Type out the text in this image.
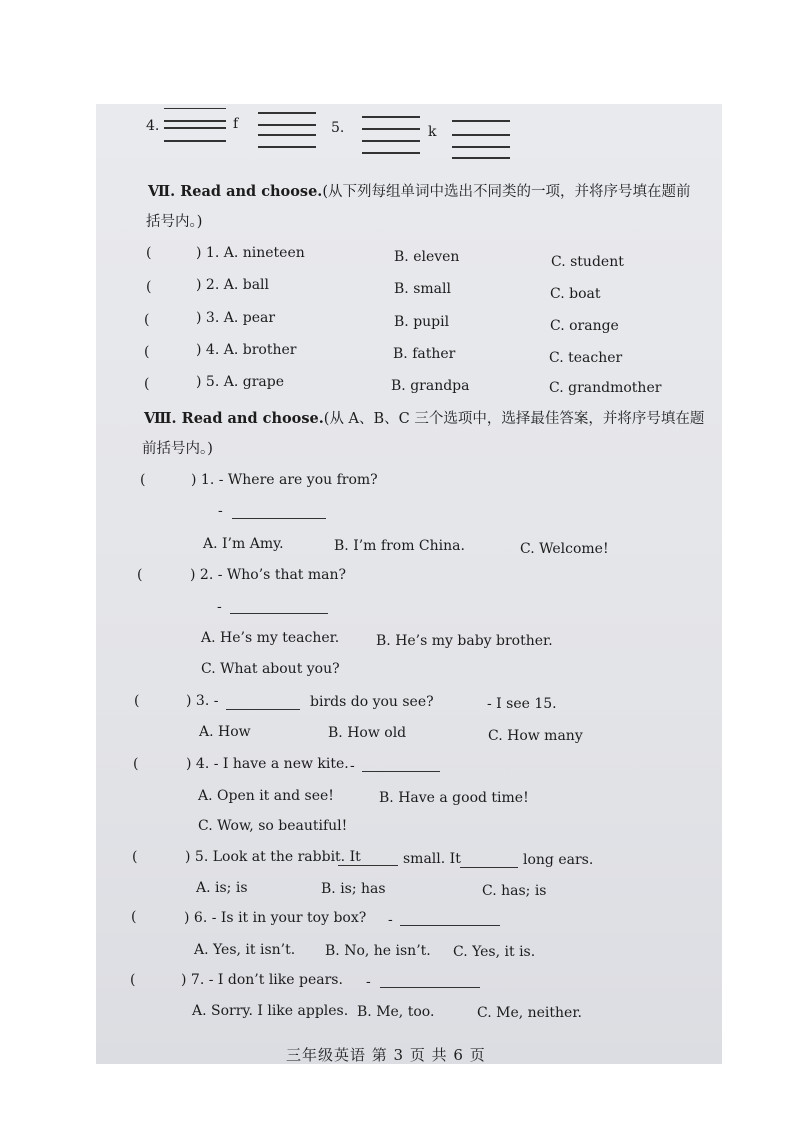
4.	f	5.	k
Ⅶ. Read and choose.(从下列每组单词中选出不同类的一项，并将序号填在题前
括号内。)
(	) 1. A. nineteen	B. eleven	C. student
(	) 2. A. ball	B. small	C. boat
(	) 3. A. pear	B. pupil	C. orange
(	) 4. A. brother	B. father	C. teacher
(	) 5. A. grape	B. grandpa	C. grandmother
Ⅷ. Read and choose.(从 A、B、C 三个选项中，选择最佳答案，并将序号填在题
前括号内。)
(	) 1. - Where are you from?
-
A. I’m Amy.	B. I’m from China.	C. Welcome!
(	) 2. - Who’s that man?
-
A. He’s my teacher.	B. He’s my baby brother.
C. What about you?
(	) 3. -	birds do you see?	- I see 15.
A. How	B. How old	C. How many
(	) 4. - I have a new kite. -
A. Open it and see!	B. Have a good time!
C. Wow, so beautiful!
(	) 5. Look at the rabbit. It	small. It	long ears.
A. is; is	B. is; has	C. has; is
(	) 6. - Is it in your toy box? -
A. Yes, it isn’t. B. No, he isn’t. C. Yes, it is.
(	) 7. - I don’t like pears. -
A. Sorry. I like apples. B. Me, too.	C. Me, neither.
三年级英语 第 3 页 共 6 页
